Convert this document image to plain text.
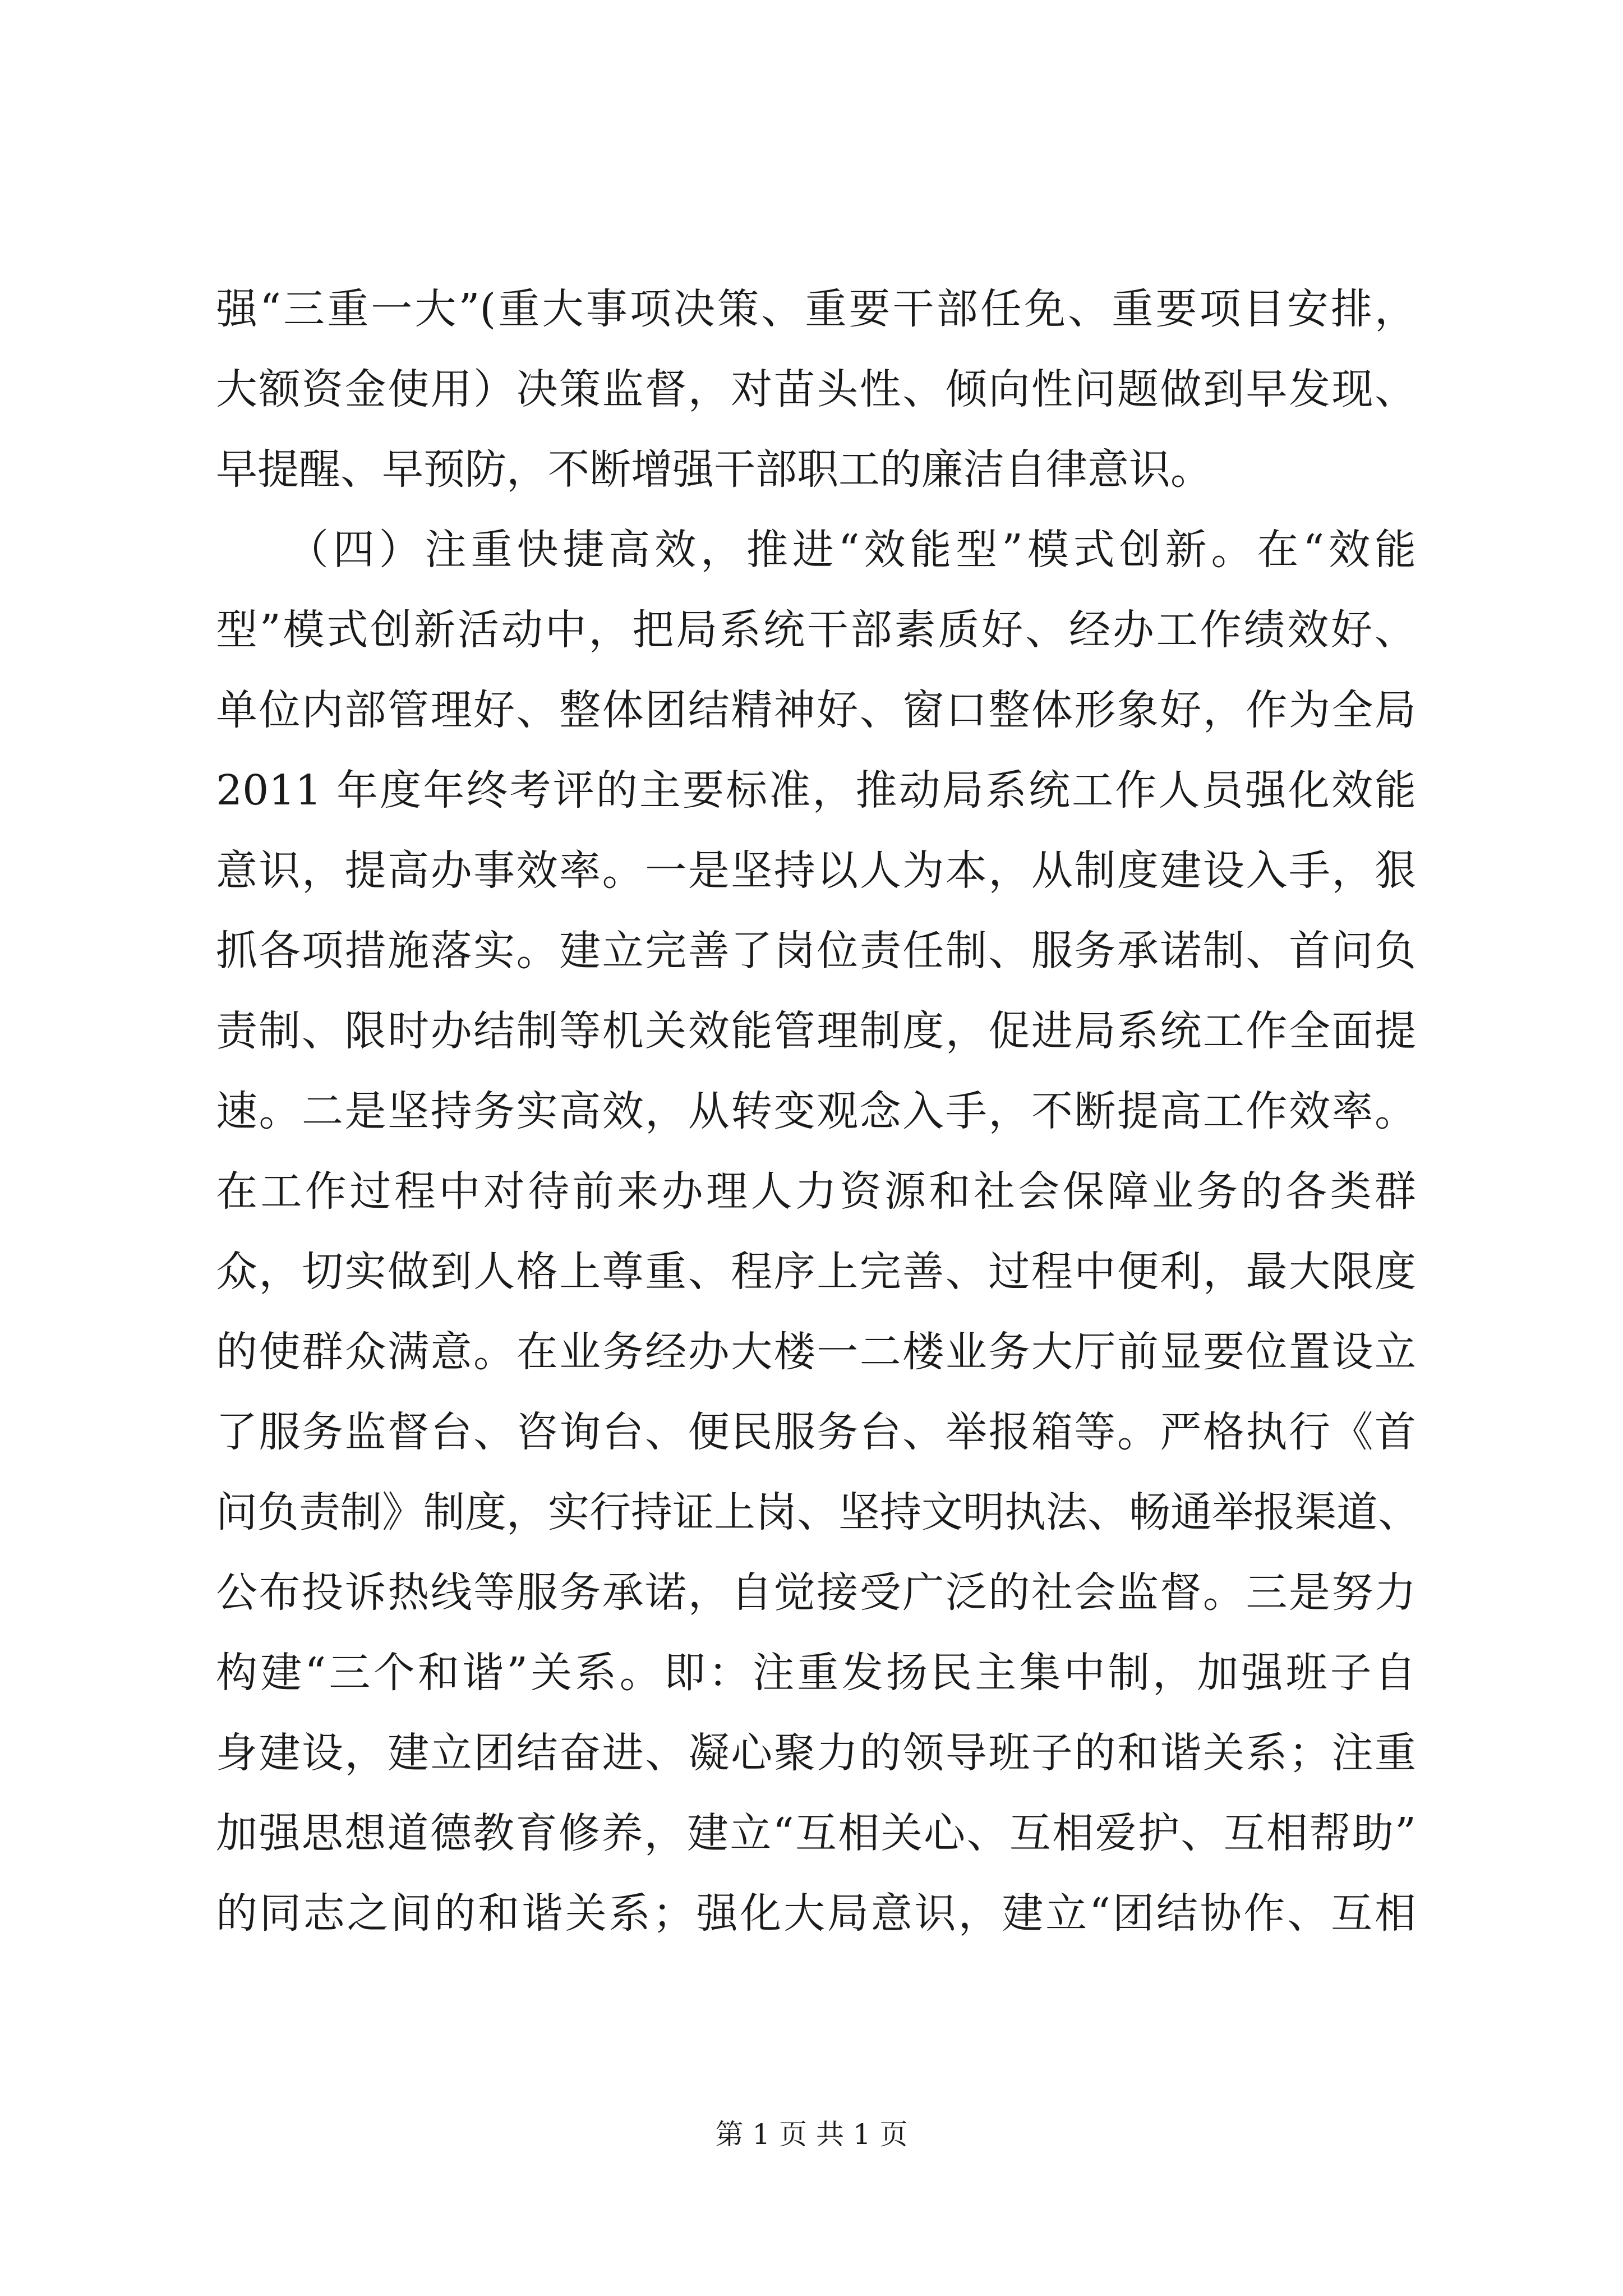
强“三重一大”(重大事项决策、重要干部任免、重要项目安排，
大额资金使用）决策监督，对苗头性、倾向性问题做到早发现、
早提醒、早预防，不断增强干部职工的廉洁自律意识。
　　（四）注重快捷高效，推进“效能型”模式创新。在“效能
型”模式创新活动中，把局系统干部素质好、经办工作绩效好、
单位内部管理好、整体团结精神好、窗口整体形象好，作为全局
2011 年度年终考评的主要标准，推动局系统工作人员强化效能
意识，提高办事效率。一是坚持以人为本，从制度建设入手，狠
抓各项措施落实。建立完善了岗位责任制、服务承诺制、首问负
责制、限时办结制等机关效能管理制度，促进局系统工作全面提
速。二是坚持务实高效，从转变观念入手，不断提高工作效率。
在工作过程中对待前来办理人力资源和社会保障业务的各类群
众，切实做到人格上尊重、程序上完善、过程中便利，最大限度
的使群众满意。在业务经办大楼一二楼业务大厅前显要位置设立
了服务监督台、咨询台、便民服务台、举报箱等。严格执行《首
问负责制》制度，实行持证上岗、坚持文明执法、畅通举报渠道、
公布投诉热线等服务承诺，自觉接受广泛的社会监督。三是努力
构建“三个和谐”关系。即：注重发扬民主集中制，加强班子自
身建设，建立团结奋进、凝心聚力的领导班子的和谐关系；注重
加强思想道德教育修养，建立“互相关心、互相爱护、互相帮助”
的同志之间的和谐关系；强化大局意识，建立“团结协作、互相
第 1 页 共 1 页
